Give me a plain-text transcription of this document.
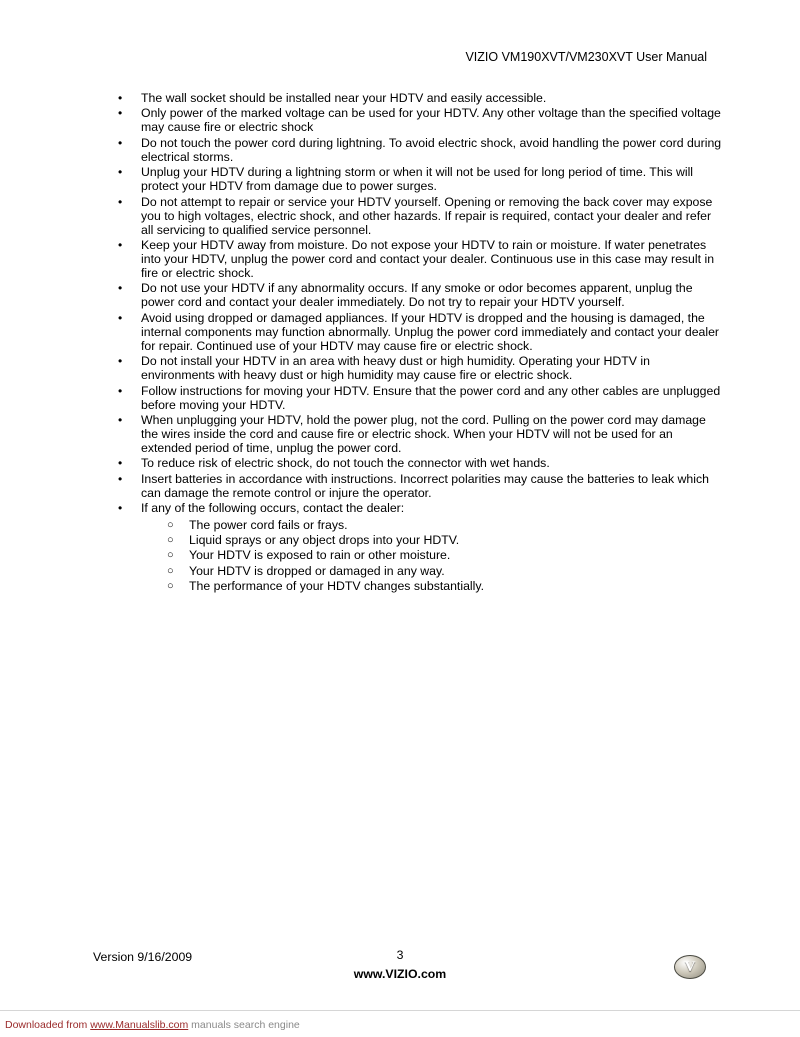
VIZIO VM190XVT/VM230XVT User Manual
• The wall socket should be installed near your HDTV and easily accessible.
• Only power of the marked voltage can be used for your HDTV. Any other voltage than the specified voltage may cause fire or electric shock
• Do not touch the power cord during lightning. To avoid electric shock, avoid handling the power cord during electrical storms.
• Unplug your HDTV during a lightning storm or when it will not be used for long period of time. This will protect your HDTV from damage due to power surges.
• Do not attempt to repair or service your HDTV yourself. Opening or removing the back cover may expose you to high voltages, electric shock, and other hazards. If repair is required, contact your dealer and refer all servicing to qualified service personnel.
• Keep your HDTV away from moisture. Do not expose your HDTV to rain or moisture. If water penetrates into your HDTV, unplug the power cord and contact your dealer. Continuous use in this case may result in fire or electric shock.
• Do not use your HDTV if any abnormality occurs. If any smoke or odor becomes apparent, unplug the power cord and contact your dealer immediately. Do not try to repair your HDTV yourself.
• Avoid using dropped or damaged appliances. If your HDTV is dropped and the housing is damaged, the internal components may function abnormally. Unplug the power cord immediately and contact your dealer for repair. Continued use of your HDTV may cause fire or electric shock.
• Do not install your HDTV in an area with heavy dust or high humidity. Operating your HDTV in environments with heavy dust or high humidity may cause fire or electric shock.
• Follow instructions for moving your HDTV. Ensure that the power cord and any other cables are unplugged before moving your HDTV.
• When unplugging your HDTV, hold the power plug, not the cord. Pulling on the power cord may damage the wires inside the cord and cause fire or electric shock. When your HDTV will not be used for an extended period of time, unplug the power cord.
• To reduce risk of electric shock, do not touch the connector with wet hands.
• Insert batteries in accordance with instructions. Incorrect polarities may cause the batteries to leak which can damage the remote control or injure the operator.
• If any of the following occurs, contact the dealer:
○ The power cord fails or frays.
○ Liquid sprays or any object drops into your HDTV.
○ Your HDTV is exposed to rain or other moisture.
○ Your HDTV is dropped or damaged in any way.
○ The performance of your HDTV changes substantially.
Version 9/16/2009	3
www.VIZIO.com	V
Downloaded from www.Manualslib.com manuals search engine
